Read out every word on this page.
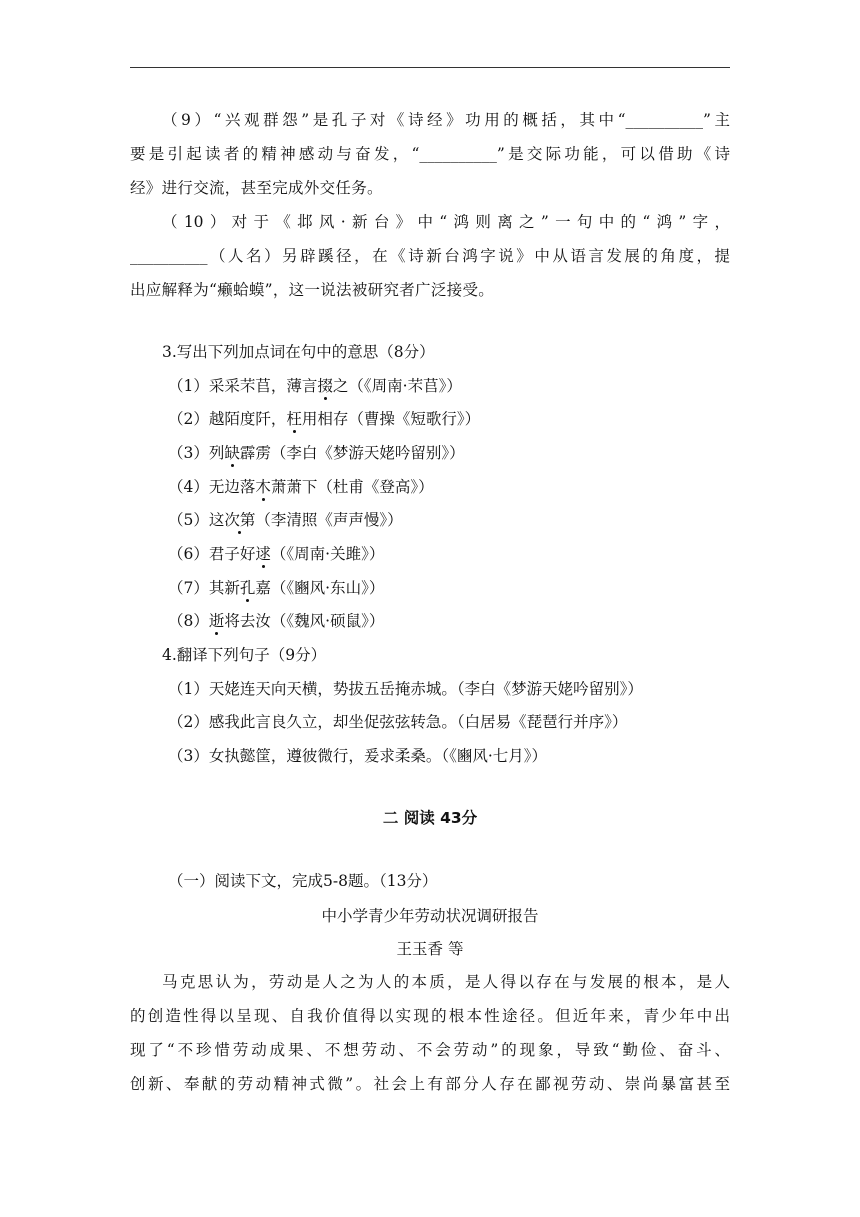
（9）“兴观群怨”是孔子对《诗经》功用的概括，其中“__________”主
要是引起读者的精神感动与奋发，“__________”是交际功能，可以借助《诗
经》进行交流，甚至完成外交任务。
（10）对于《邶风·新台》中“鸿则离之”一句中的“鸿”字，
__________（人名）另辟蹊径，在《诗新台鸿字说》中从语言发展的角度，提
出应解释为“癞蛤蟆”，这一说法被研究者广泛接受。
3.写出下列加点词在句中的意思（8分）
（1）采采芣苢，薄言掇之（《周南·芣苢》）
（2）越陌度阡，枉用相存（曹操《短歌行》）
（3）列缺霹雳（李白《梦游天姥吟留别》）
（4）无边落木萧萧下（杜甫《登高》）
（5）这次第（李清照《声声慢》）
（6）君子好逑（《周南·关雎》）
（7）其新孔嘉（《豳风·东山》）
（8）逝将去汝（《魏风·硕鼠》）
4.翻译下列句子（9分）
（1）天姥连天向天横，势拔五岳掩赤城。（李白《梦游天姥吟留别》）
（2）感我此言良久立，却坐促弦弦转急。（白居易《琵琶行并序》）
（3）女执懿筐，遵彼微行，爰求柔桑。（《豳风·七月》）
二 阅读 43分
（一）阅读下文，完成5-8题。（13分）
中小学青少年劳动状况调研报告
王玉香 等
马克思认为，劳动是人之为人的本质，是人得以存在与发展的根本，是人
的创造性得以呈现、自我价值得以实现的根本性途径。但近年来，青少年中出
现了“不珍惜劳动成果、不想劳动、不会劳动”的现象，导致“勤俭、奋斗、
创新、奉献的劳动精神式微”。社会上有部分人存在鄙视劳动、崇尚暴富甚至
